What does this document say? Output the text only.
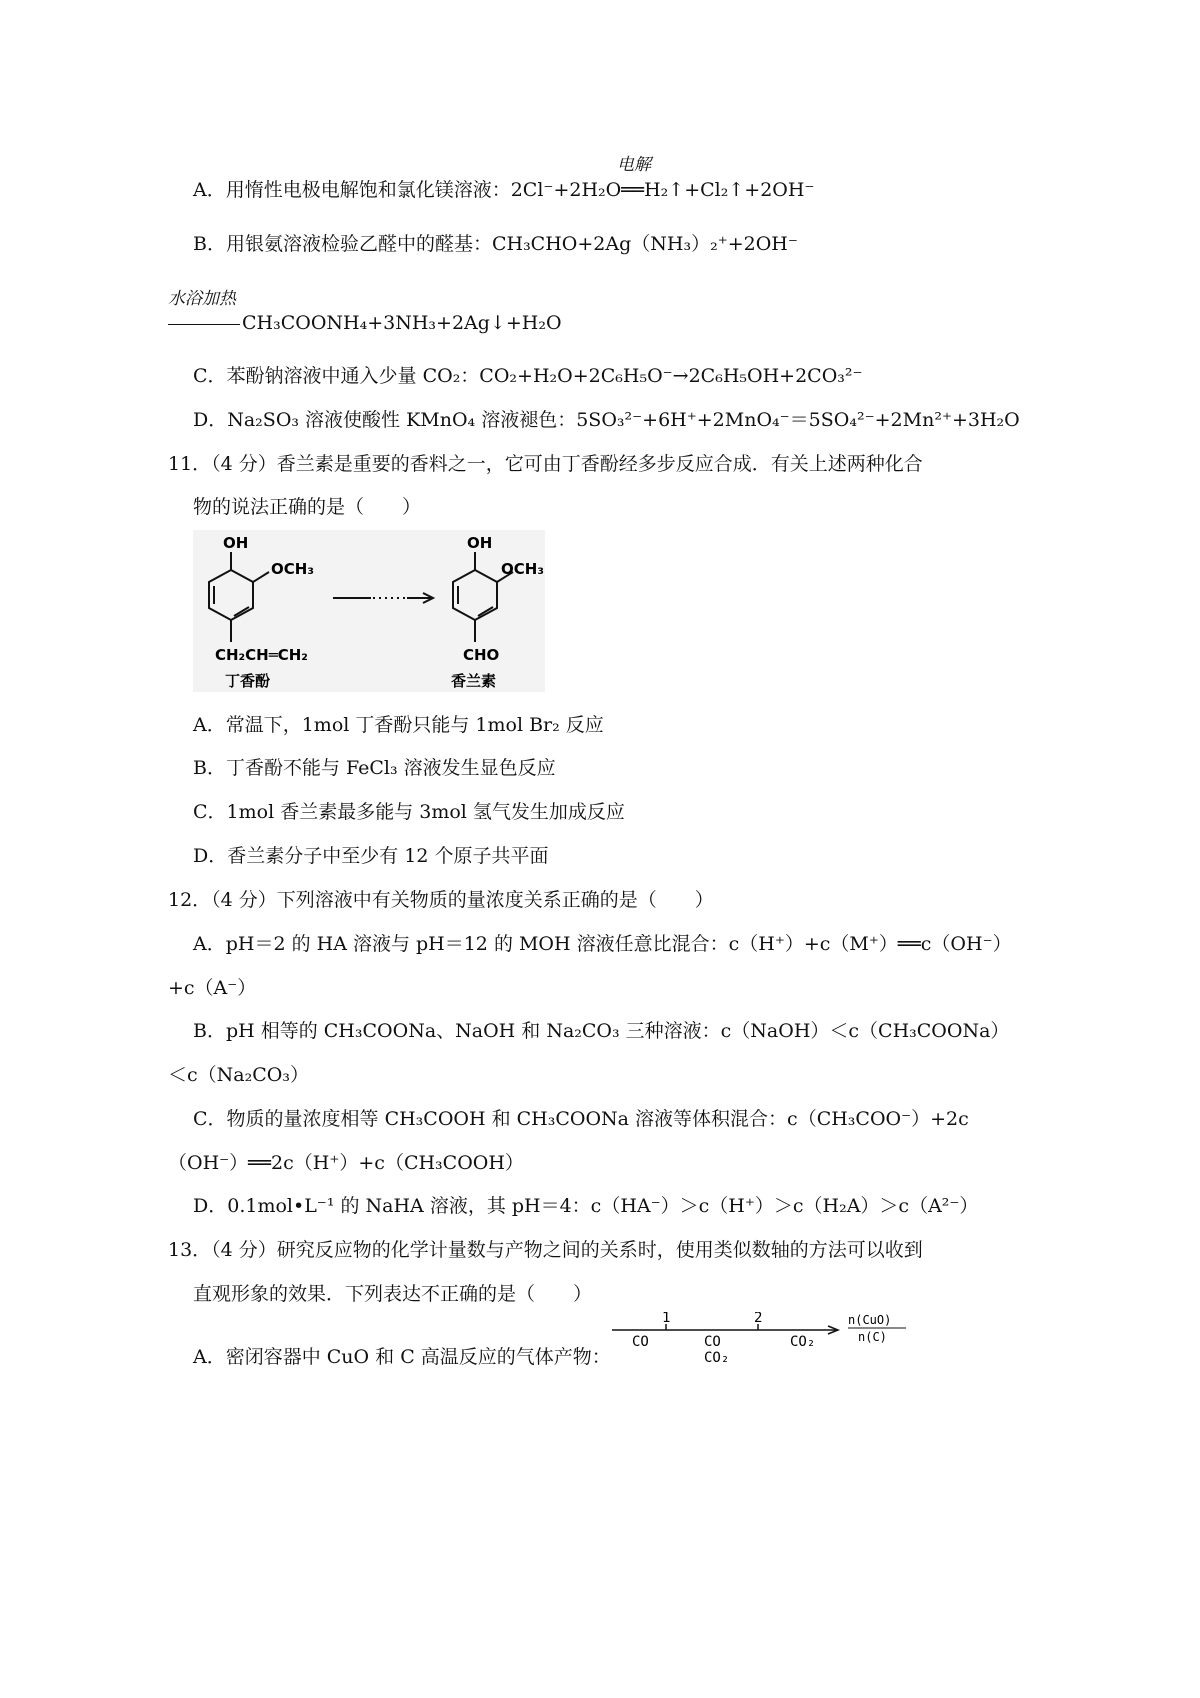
电解
A．用惰性电极电解饱和氯化镁溶液：2Cl⁻+2H₂O══H₂↑+Cl₂↑+2OH⁻
B．用银氨溶液检验乙醛中的醛基：CH₃CHO+2Ag（NH₃）₂⁺+2OH⁻
水浴加热
CH₃COONH₄+3NH₃+2Ag↓+H₂O
C．苯酚钠溶液中通入少量 CO₂：CO₂+H₂O+2C₆H₅O⁻→2C₆H₅OH+2CO₃²⁻
D．Na₂SO₃ 溶液使酸性 KMnO₄ 溶液褪色：5SO₃²⁻+6H⁺+2MnO₄⁻＝5SO₄²⁻+2Mn²⁺+3H₂O
11．（4 分）香兰素是重要的香料之一，它可由丁香酚经多步反应合成．有关上述两种化合
物的说法正确的是（　　）
OH
OCH₃
CH₂CH═CH₂
丁香酚
OH
OCH₃
CHO
香兰素
A．常温下，1mol 丁香酚只能与 1mol Br₂ 反应
B．丁香酚不能与 FeCl₃ 溶液发生显色反应
C．1mol 香兰素最多能与 3mol 氢气发生加成反应
D．香兰素分子中至少有 12 个原子共平面
12．（4 分）下列溶液中有关物质的量浓度关系正确的是（　　）
A．pH＝2 的 HA 溶液与 pH＝12 的 MOH 溶液任意比混合：c（H⁺）+c（M⁺）══c（OH⁻）
+c（A⁻）
B．pH 相等的 CH₃COONa、NaOH 和 Na₂CO₃ 三种溶液：c（NaOH）＜c（CH₃COONa）
＜c（Na₂CO₃）
C．物质的量浓度相等 CH₃COOH 和 CH₃COONa 溶液等体积混合：c（CH₃COO⁻）+2c
（OH⁻）══2c（H⁺）+c（CH₃COOH）
D．0.1mol•L⁻¹ 的 NaHA 溶液，其 pH＝4：c（HA⁻）＞c（H⁺）＞c（H₂A）＞c（A²⁻）
13．（4 分）研究反应物的化学计量数与产物之间的关系时，使用类似数轴的方法可以收到
直观形象的效果．下列表达不正确的是（　　）
A．密闭容器中 CuO 和 C 高温反应的气体产物：
1	2
CO	CO
CO₂
CO₂
n(CuO)
n(C)
